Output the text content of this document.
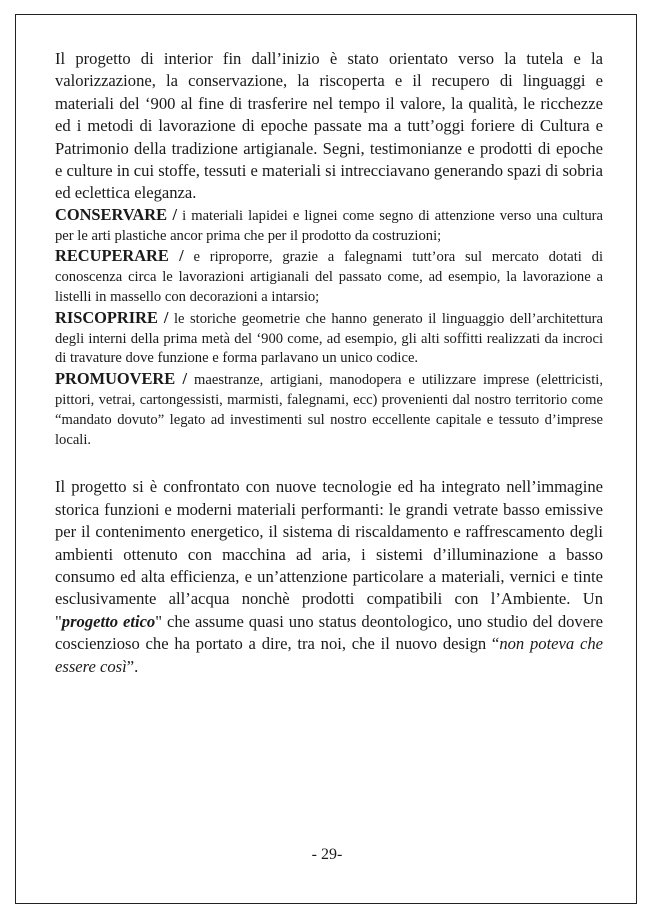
Il progetto di interior fin dall’inizio è stato orientato verso la tutela e la valorizzazione, la conservazione, la riscoperta e il recupero di linguaggi e materiali del ‘900 al fine di trasferire nel tempo il valore, la qualità, le ricchezze ed i metodi di lavorazione di epoche passate ma a tutt’oggi foriere di Cultura e Patrimonio della tradizione artigianale. Segni, testimonianze e prodotti di epoche e culture in cui stoffe, tessuti e materiali si intrecciavano generando spazi di sobria ed eclettica eleganza.

CONSERVARE / i materiali lapidei e lignei come segno di attenzione verso una cultura per le arti plastiche ancor prima che per il prodotto da costruzioni;

RECUPERARE / e riproporre, grazie a falegnami tutt’ora sul mercato dotati di conoscenza circa le lavorazioni artigianali del passato come, ad esempio, la lavorazione a listelli in massello con decorazioni a intarsio;

RISCOPRIRE / le storiche geometrie che hanno generato il linguaggio dell’architettura degli interni della prima metà del ‘900 come, ad esempio, gli alti soffitti realizzati da incroci di travature dove funzione e forma parlavano un unico codice.

PROMUOVERE / maestranze, artigiani, manodopera e utilizzare imprese (elettricisti, pittori, vetrai, cartongessisti, marmisti, falegnami, ecc) provenienti dal nostro territorio come “mandato dovuto” legato ad investimenti sul nostro eccellente capitale e tessuto d’imprese locali.

Il progetto si è confrontato con nuove tecnologie ed ha integrato nell’immagine storica funzioni e moderni materiali performanti: le grandi vetrate basso emissive per il contenimento energetico, il sistema di riscaldamento e raffrescamento degli ambienti ottenuto con macchina ad aria, i sistemi d’illuminazione a basso consumo ed alta efficienza, e un’attenzione particolare a materiali, vernici e tinte esclusivamente all’acqua nonchè prodotti compatibili con l’Ambiente. Un "progetto etico" che assume quasi uno status deontologico, uno studio del dovere coscienzioso che ha portato a dire, tra noi, che il nuovo design “non poteva che essere così”.

- 29-
